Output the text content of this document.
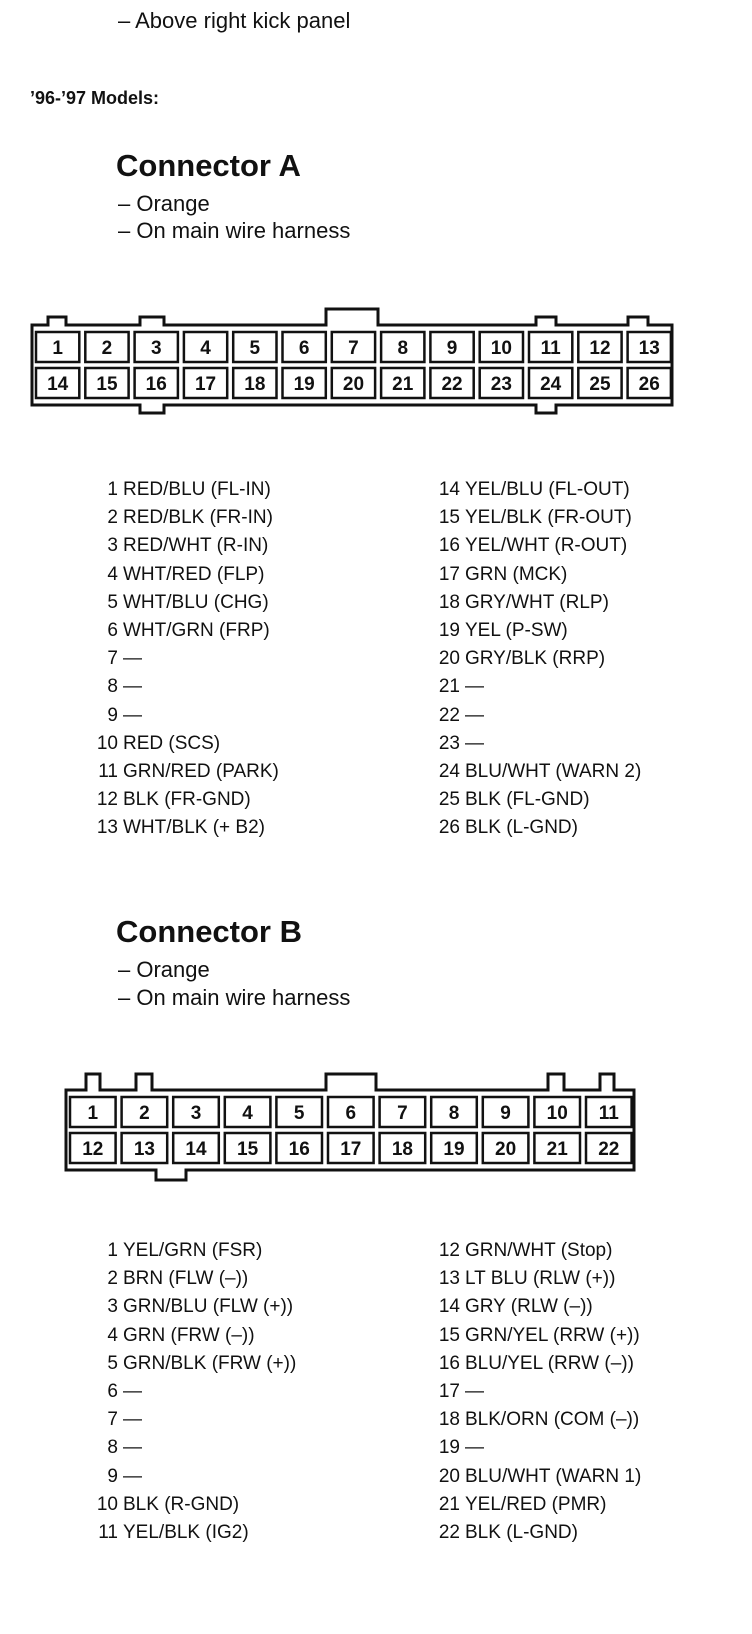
– Above right kick panel
’96-’97 Models:
Connector A
– Orange
– On main wire harness
1 2 3 4 5 6 7 8 9 10 11 12 13
14 15 16 17 18 19 20 21 22 23 24 25 26
1 RED/BLU (FL-IN)
2 RED/BLK (FR-IN)
3 RED/WHT (R-IN)
4 WHT/RED (FLP)
5 WHT/BLU (CHG)
6 WHT/GRN (FRP)
7 —
8 —
9 —
10 RED (SCS)
11 GRN/RED (PARK)
12 BLK (FR-GND)
13 WHT/BLK (+ B2)
14 YEL/BLU (FL-OUT)
15 YEL/BLK (FR-OUT)
16 YEL/WHT (R-OUT)
17 GRN (MCK)
18 GRY/WHT (RLP)
19 YEL (P-SW)
20 GRY/BLK (RRP)
21 —
22 —
23 —
24 BLU/WHT (WARN 2)
25 BLK (FL-GND)
26 BLK (L-GND)
Connector B
– Orange
– On main wire harness
1 2 3 4 5 6 7 8 9 10 11
12 13 14 15 16 17 18 19 20 21 22
1 YEL/GRN (FSR)
2 BRN (FLW (–))
3 GRN/BLU (FLW (+))
4 GRN (FRW (–))
5 GRN/BLK (FRW (+))
6 —
7 —
8 —
9 —
10 BLK (R-GND)
11 YEL/BLK (IG2)
12 GRN/WHT (Stop)
13 LT BLU (RLW (+))
14 GRY (RLW (–))
15 GRN/YEL (RRW (+))
16 BLU/YEL (RRW (–))
17 —
18 BLK/ORN (COM (–))
19 —
20 BLU/WHT (WARN 1)
21 YEL/RED (PMR)
22 BLK (L-GND)
